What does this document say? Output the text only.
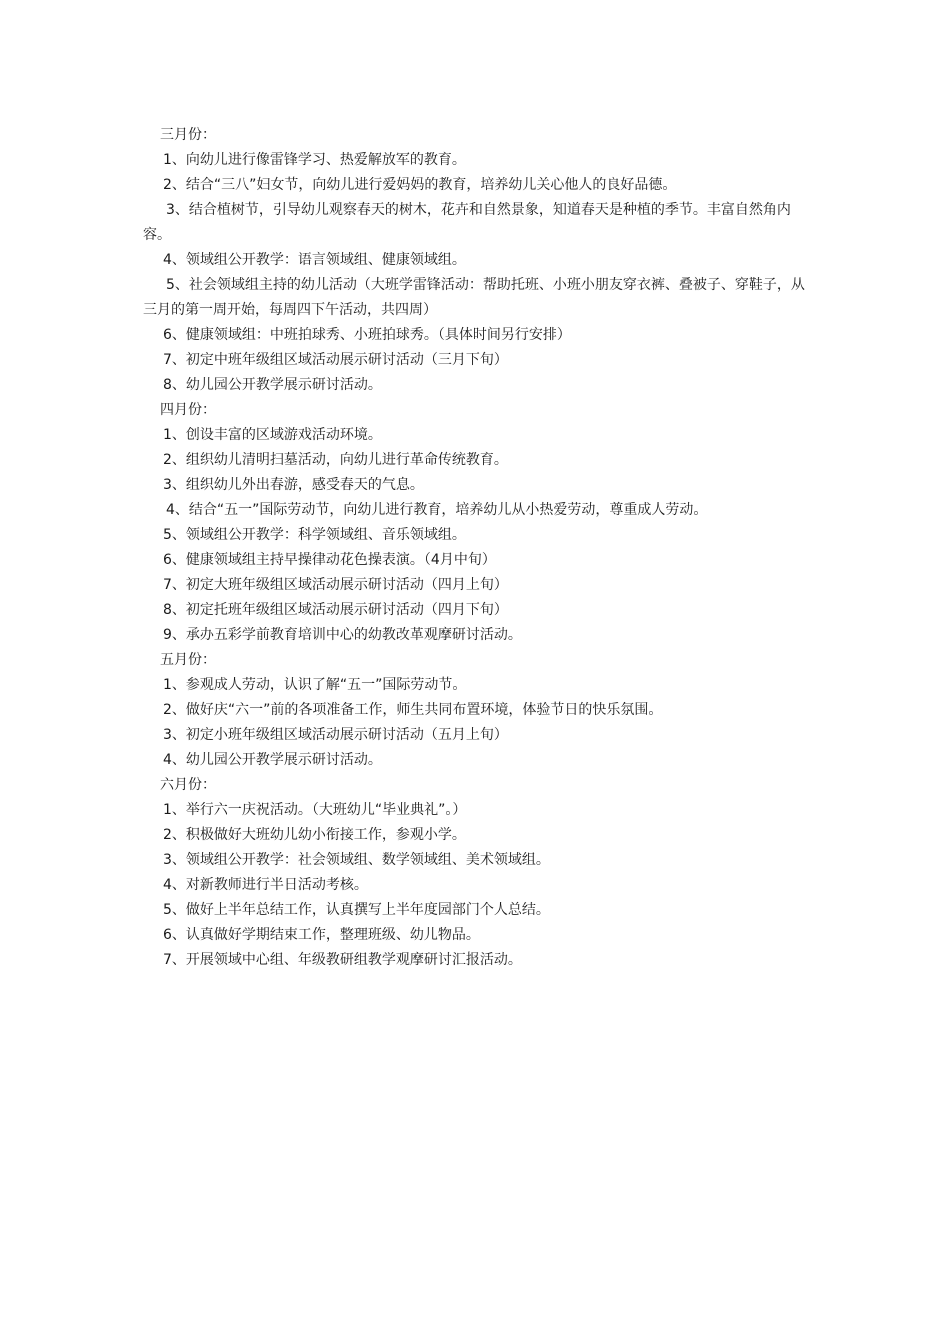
三月份：

1、向幼儿进行像雷锋学习、热爱解放军的教育。

2、结合“三八”妇女节，向幼儿进行爱妈妈的教育，培养幼儿关心他人的良好品德。

3、结合植树节，引导幼儿观察春天的树木，花卉和自然景象，知道春天是种植的季节。丰富自然角内容。

4、领域组公开教学：语言领域组、健康领域组。

5、社会领域组主持的幼儿活动（大班学雷锋活动：帮助托班、小班小朋友穿衣裤、叠被子、穿鞋子，从三月的第一周开始，每周四下午活动，共四周）

6、健康领域组：中班拍球秀、小班拍球秀。（具体时间另行安排）

7、初定中班年级组区域活动展示研讨活动（三月下旬）

8、幼儿园公开教学展示研讨活动。

四月份：

1、创设丰富的区域游戏活动环境。

2、组织幼儿清明扫墓活动，向幼儿进行革命传统教育。

3、组织幼儿外出春游，感受春天的气息。

4、结合“五一”国际劳动节，向幼儿进行教育，培养幼儿从小热爱劳动，尊重成人劳动。

5、领域组公开教学：科学领域组、音乐领域组。

6、健康领域组主持早操律动花色操表演。（4月中旬）

7、初定大班年级组区域活动展示研讨活动（四月上旬）

8、初定托班年级组区域活动展示研讨活动（四月下旬）

9、承办五彩学前教育培训中心的幼教改革观摩研讨活动。

五月份：

1、参观成人劳动，认识了解“五一”国际劳动节。

2、做好庆“六一”前的各项准备工作，师生共同布置环境，体验节日的快乐氛围。

3、初定小班年级组区域活动展示研讨活动（五月上旬）

4、幼儿园公开教学展示研讨活动。

六月份：

1、举行六一庆祝活动。（大班幼儿“毕业典礼”。）

2、积极做好大班幼儿幼小衔接工作，参观小学。

3、领域组公开教学：社会领域组、数学领域组、美术领域组。

4、对新教师进行半日活动考核。

5、做好上半年总结工作，认真撰写上半年度园部门个人总结。

6、认真做好学期结束工作，整理班级、幼儿物品。

7、开展领域中心组、年级教研组教学观摩研讨汇报活动。
